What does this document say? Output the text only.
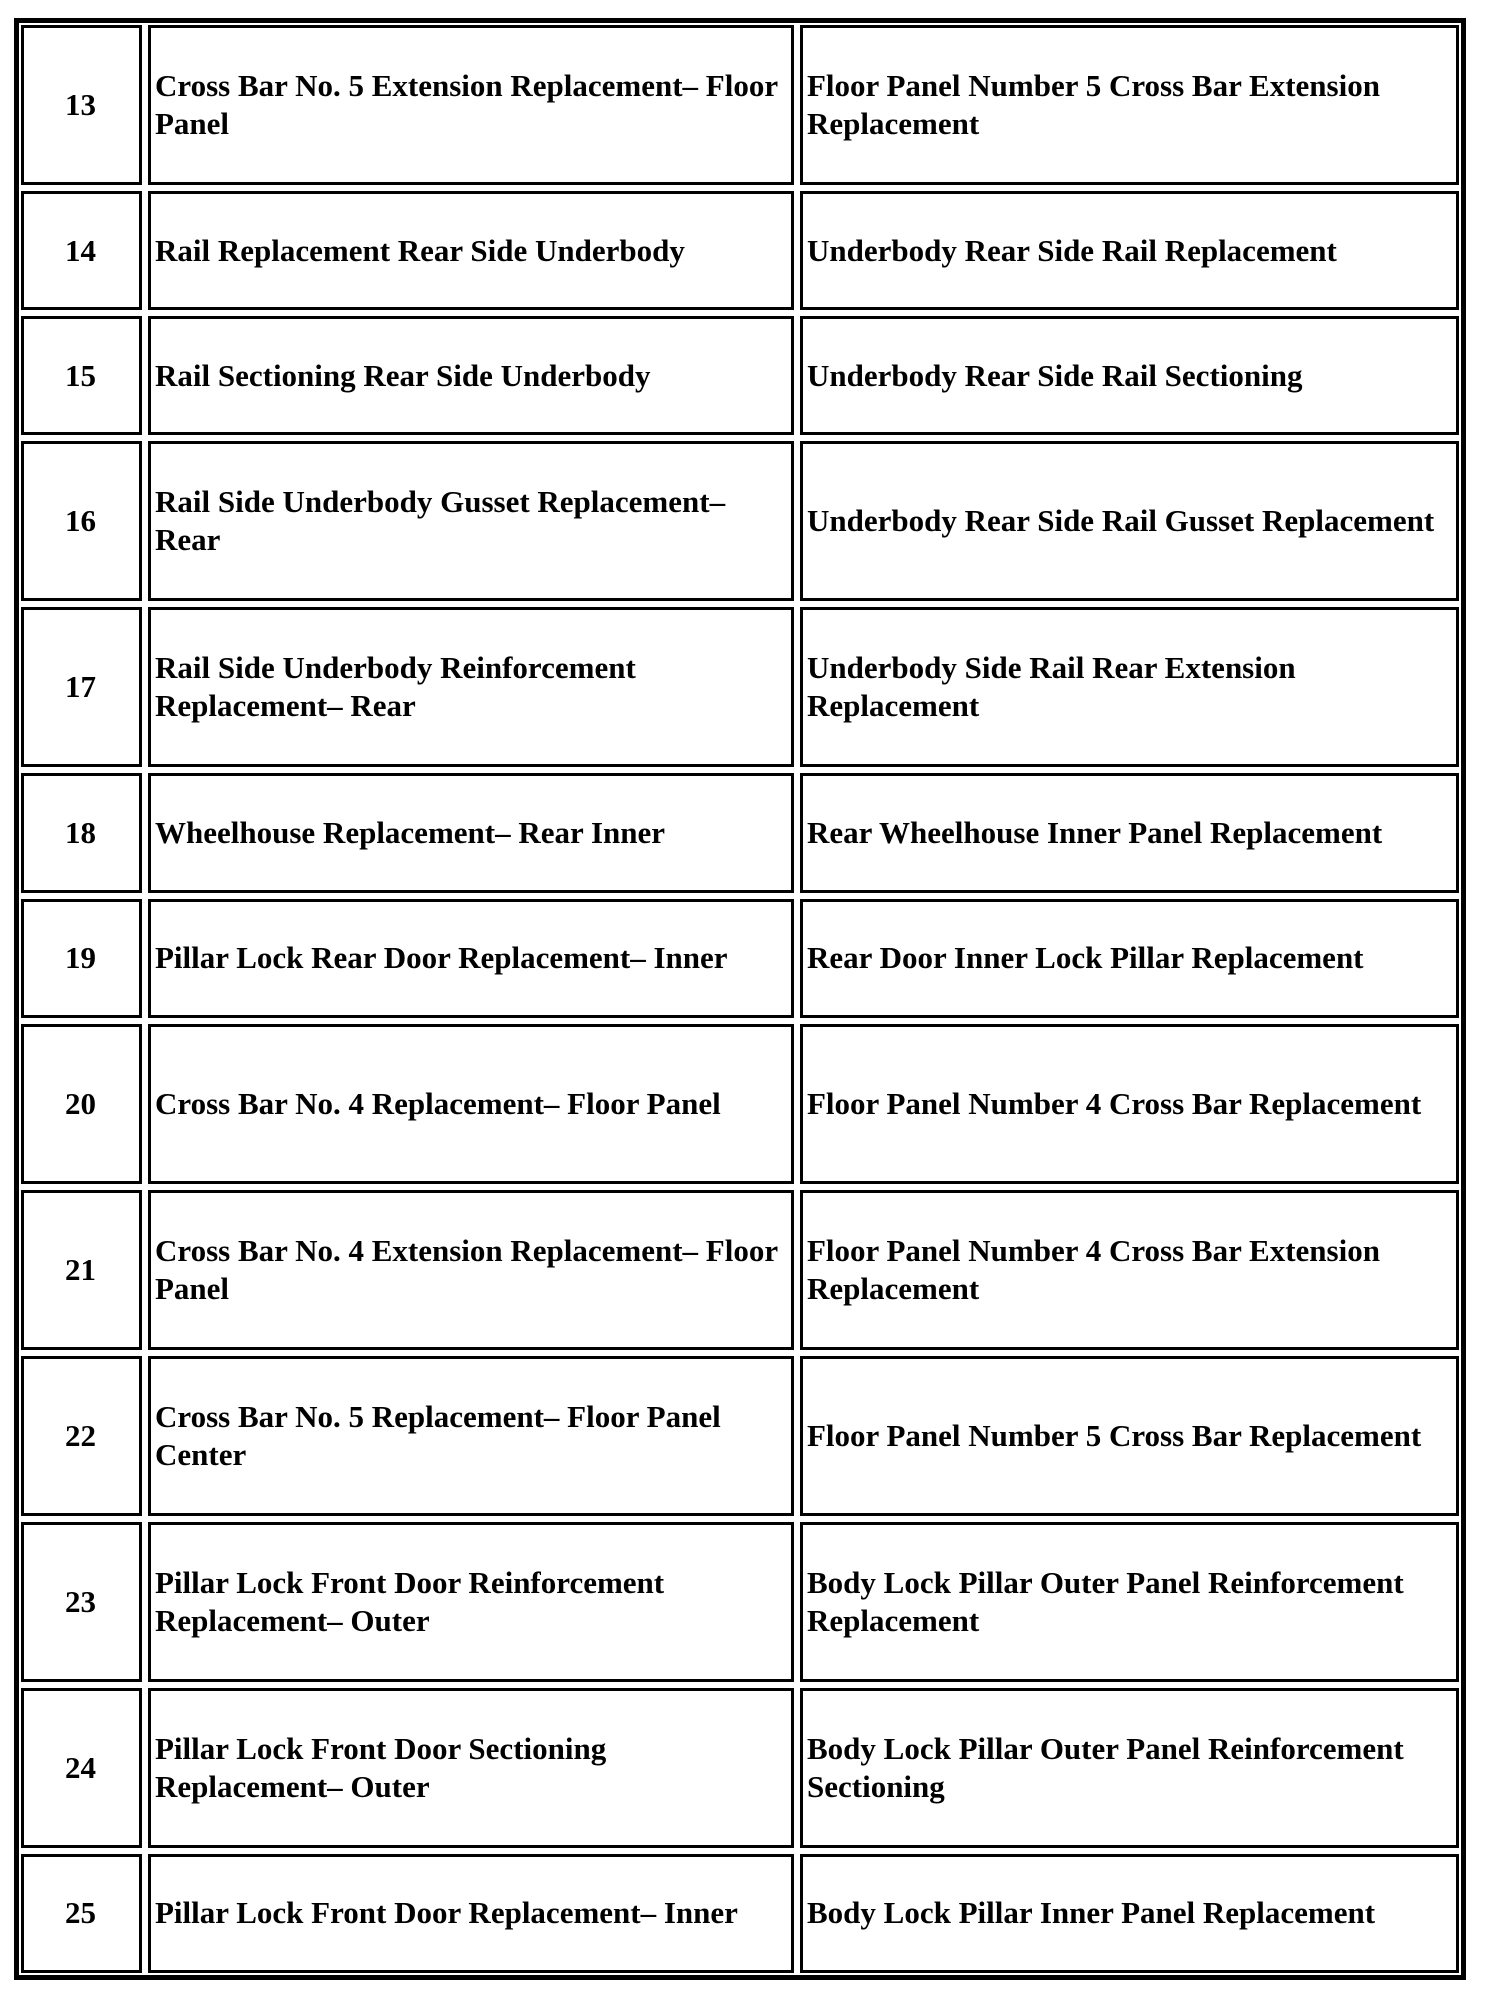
13	Cross Bar No. 5 Extension Replacement– Floor Panel	Floor Panel Number 5 Cross Bar Extension Replacement
14	Rail Replacement Rear Side Underbody	Underbody Rear Side Rail Replacement
15	Rail Sectioning Rear Side Underbody	Underbody Rear Side Rail Sectioning
16	Rail Side Underbody Gusset Replacement– Rear	Underbody Rear Side Rail Gusset Replacement
17	Rail Side Underbody Reinforcement Replacement– Rear	Underbody Side Rail Rear Extension Replacement
18	Wheelhouse Replacement– Rear Inner	Rear Wheelhouse Inner Panel Replacement
19	Pillar Lock Rear Door Replacement– Inner	Rear Door Inner Lock Pillar Replacement
20	Cross Bar No. 4 Replacement– Floor Panel	Floor Panel Number 4 Cross Bar Replacement
21	Cross Bar No. 4 Extension Replacement– Floor Panel	Floor Panel Number 4 Cross Bar Extension Replacement
22	Cross Bar No. 5 Replacement– Floor Panel Center	Floor Panel Number 5 Cross Bar Replacement
23	Pillar Lock Front Door Reinforcement Replacement– Outer	Body Lock Pillar Outer Panel Reinforcement Replacement
24	Pillar Lock Front Door Sectioning Replacement– Outer	Body Lock Pillar Outer Panel Reinforcement Sectioning
25	Pillar Lock Front Door Replacement– Inner	Body Lock Pillar Inner Panel Replacement
